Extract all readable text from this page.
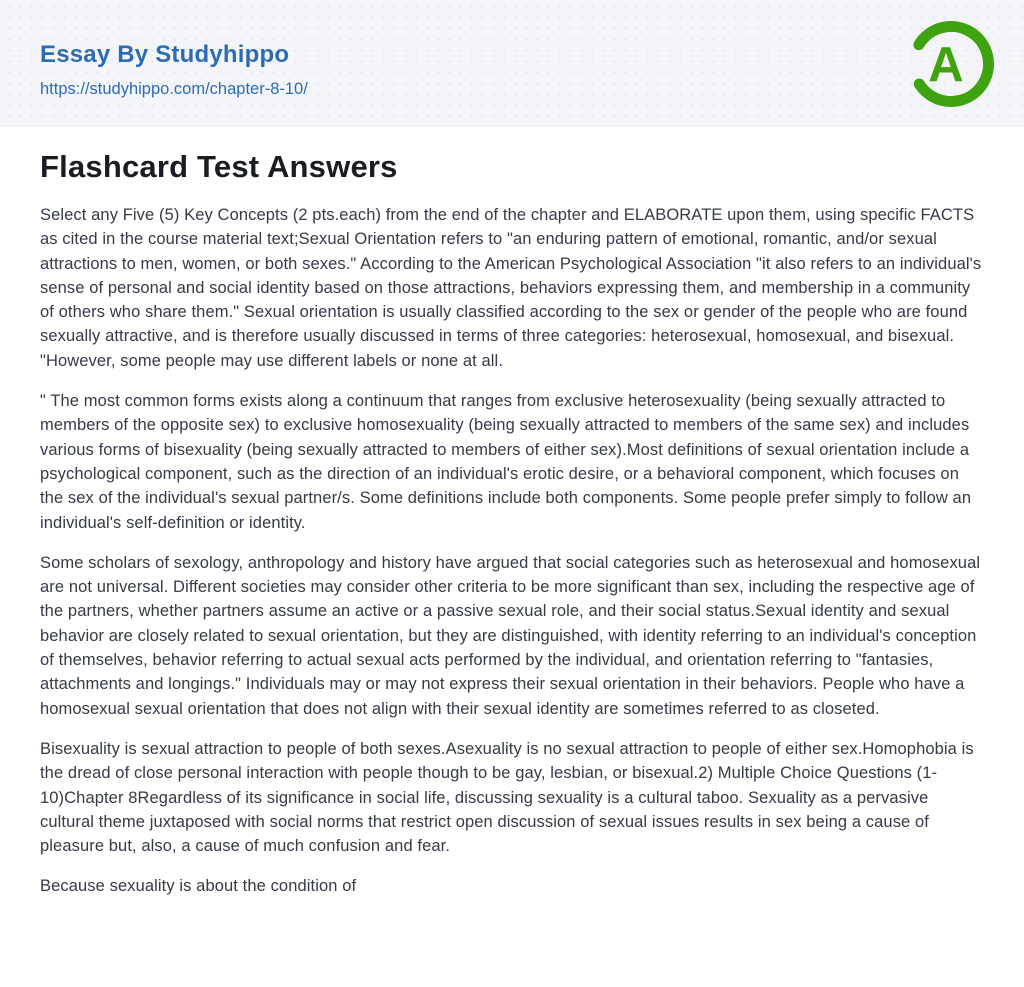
Essay By Studyhippo
https://studyhippo.com/chapter-8-10/	A
Flashcard Test Answers

Select any Five (5) Key Concepts (2 pts.each) from the end of the chapter and ELABORATE upon them, using specific FACTS as cited in the course material text;Sexual Orientation refers to "an enduring pattern of emotional, romantic, and/or sexual attractions to men, women, or both sexes." According to the American Psychological Association "it also refers to an individual's sense of personal and social identity based on those attractions, behaviors expressing them, and membership in a community of others who share them." Sexual orientation is usually classified according to the sex or gender of the people who are found sexually attractive, and is therefore usually discussed in terms of three categories: heterosexual, homosexual, and bisexual. "However, some people may use different labels or none at all.

" The most common forms exists along a continuum that ranges from exclusive heterosexuality (being sexually attracted to members of the opposite sex) to exclusive homosexuality (being sexually attracted to members of the same sex) and includes various forms of bisexuality (being sexually attracted to members of either sex).Most definitions of sexual orientation include a psychological component, such as the direction of an individual's erotic desire, or a behavioral component, which focuses on the sex of the individual's sexual partner/s. Some definitions include both components. Some people prefer simply to follow an individual's self-definition or identity.

Some scholars of sexology, anthropology and history have argued that social categories such as heterosexual and homosexual are not universal. Different societies may consider other criteria to be more significant than sex, including the respective age of the partners, whether partners assume an active or a passive sexual role, and their social status.Sexual identity and sexual behavior are closely related to sexual orientation, but they are distinguished, with identity referring to an individual's conception of themselves, behavior referring to actual sexual acts performed by the individual, and orientation referring to "fantasies, attachments and longings." Individuals may or may not express their sexual orientation in their behaviors. People who have a homosexual sexual orientation that does not align with their sexual identity are sometimes referred to as closeted.

Bisexuality is sexual attraction to people of both sexes.Asexuality is no sexual attraction to people of either sex.Homophobia is the dread of close personal interaction with people though to be gay, lesbian, or bisexual.2) Multiple Choice Questions (1-10)Chapter 8Regardless of its significance in social life, discussing sexuality is a cultural taboo. Sexuality as a pervasive cultural theme juxtaposed with social norms that restrict open discussion of sexual issues results in sex being a cause of pleasure but, also, a cause of much confusion and fear.

Because sexuality is about the condition of
